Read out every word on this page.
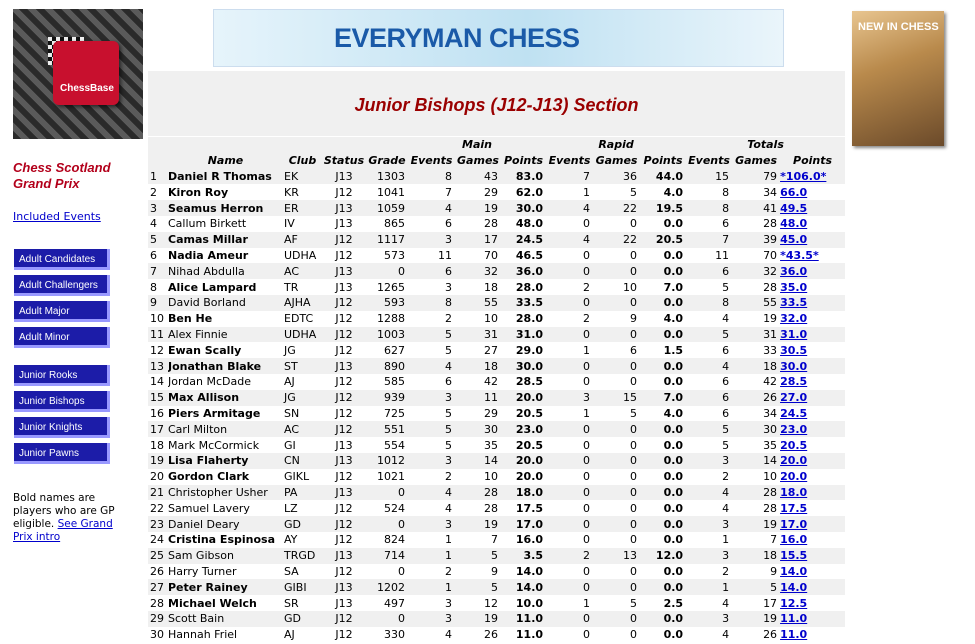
ChessBase
EVERYMAN CHESS	NEW IN CHESS
Chess Scotland Grand Prix
Included Events
Adult Candidates
Adult Challengers
Adult Major
Adult Minor
Junior Rooks
Junior Bishops
Junior Knights
Junior Pawns
Bold names are players who are GP eligible. See Grand Prix intro
Junior Bishops (J12-J13) Section
					Main			Rapid			Totals		
	Name	Club	Status	Grade	Events	Games	Points	Events	Games	Points	Events	Games	Points
1	Daniel R Thomas	EK	J13	1303	8	43	83.0	7	36	44.0	15	79	*106.0*
2	Kiron Roy	KR	J12	1041	7	29	62.0	1	5	4.0	8	34	66.0
3	Seamus Herron	ER	J13	1059	4	19	30.0	4	22	19.5	8	41	49.5
4	Callum Birkett	IV	J13	865	6	28	48.0	0	0	0.0	6	28	48.0
5	Camas Millar	AF	J12	1117	3	17	24.5	4	22	20.5	7	39	45.0
6	Nadia Ameur	UDHA	J12	573	11	70	46.5	0	0	0.0	11	70	*43.5*
7	Nihad Abdulla	AC	J13	0	6	32	36.0	0	0	0.0	6	32	36.0
8	Alice Lampard	TR	J13	1265	3	18	28.0	2	10	7.0	5	28	35.0
9	David Borland	AJHA	J12	593	8	55	33.5	0	0	0.0	8	55	33.5
10	Ben He	EDTC	J12	1288	2	10	28.0	2	9	4.0	4	19	32.0
11	Alex Finnie	UDHA	J12	1003	5	31	31.0	0	0	0.0	5	31	31.0
12	Ewan Scally	JG	J12	627	5	27	29.0	1	6	1.5	6	33	30.5
13	Jonathan Blake	ST	J13	890	4	18	30.0	0	0	0.0	4	18	30.0
14	Jordan McDade	AJ	J12	585	6	42	28.5	0	0	0.0	6	42	28.5
15	Max Allison	JG	J12	939	3	11	20.0	3	15	7.0	6	26	27.0
16	Piers Armitage	SN	J12	725	5	29	20.5	1	5	4.0	6	34	24.5
17	Carl Milton	AC	J12	551	5	30	23.0	0	0	0.0	5	30	23.0
18	Mark McCormick	GI	J13	554	5	35	20.5	0	0	0.0	5	35	20.5
19	Lisa Flaherty	CN	J13	1012	3	14	20.0	0	0	0.0	3	14	20.0
20	Gordon Clark	GIKL	J12	1021	2	10	20.0	0	0	0.0	2	10	20.0
21	Christopher Usher	PA	J13	0	4	28	18.0	0	0	0.0	4	28	18.0
22	Samuel Lavery	LZ	J12	524	4	28	17.5	0	0	0.0	4	28	17.5
23	Daniel Deary	GD	J12	0	3	19	17.0	0	0	0.0	3	19	17.0
24	Cristina Espinosa	AY	J12	824	1	7	16.0	0	0	0.0	1	7	16.0
25	Sam Gibson	TRGD	J13	714	1	5	3.5	2	13	12.0	3	18	15.5
26	Harry Turner	SA	J12	0	2	9	14.0	0	0	0.0	2	9	14.0
27	Peter Rainey	GIBI	J13	1202	1	5	14.0	0	0	0.0	1	5	14.0
28	Michael Welch	SR	J13	497	3	12	10.0	1	5	2.5	4	17	12.5
29	Scott Bain	GD	J12	0	3	19	11.0	0	0	0.0	3	19	11.0
30	Hannah Friel	AJ	J12	330	4	26	11.0	0	0	0.0	4	26	11.0
